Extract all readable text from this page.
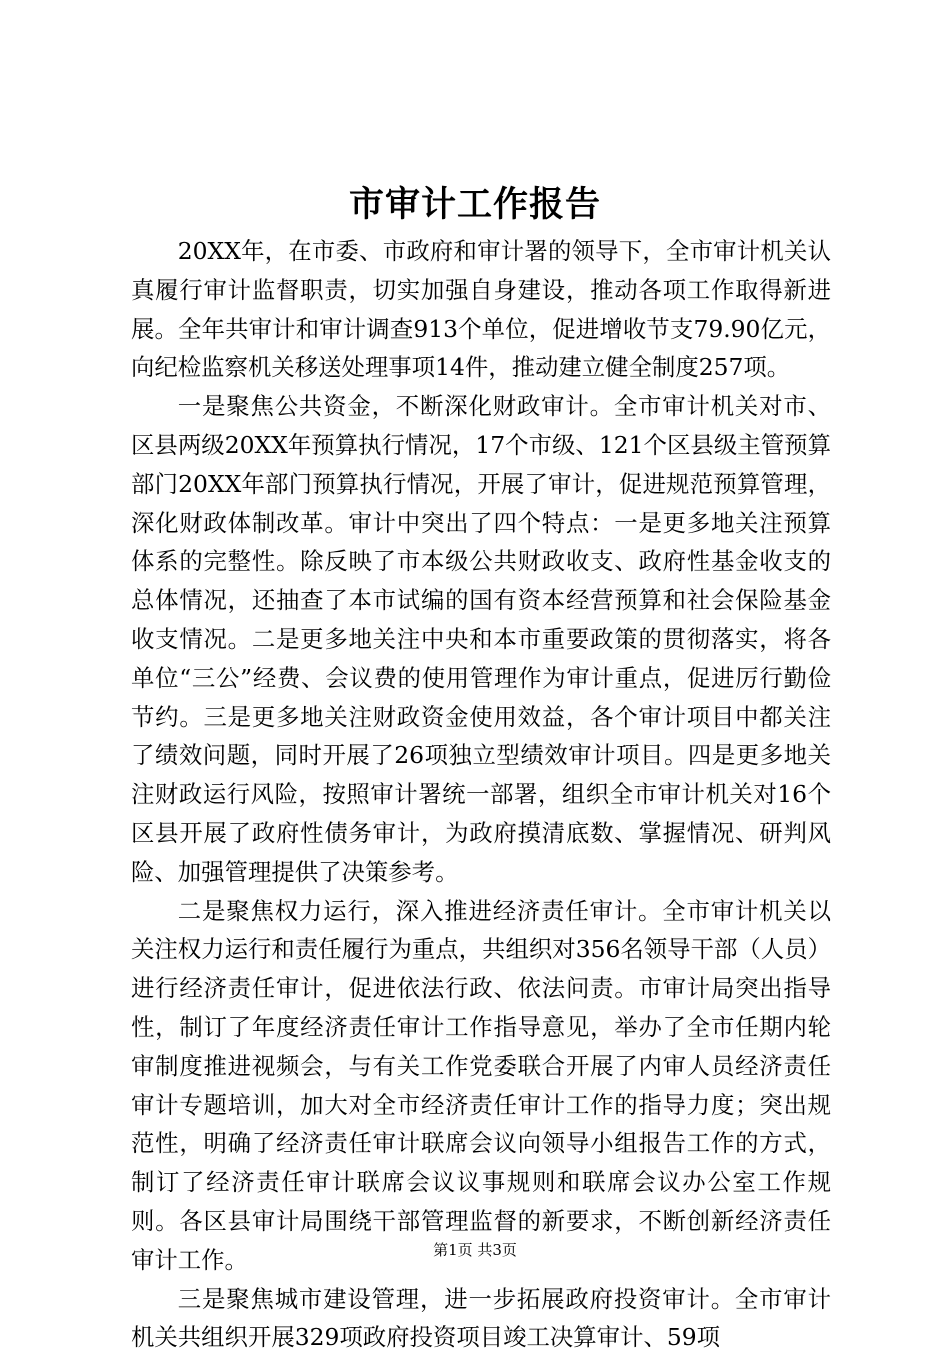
市审计工作报告

20XX年，在市委、市政府和审计署的领导下，全市审计机关认真履行审计监督职责，切实加强自身建设，推动各项工作取得新进展。全年共审计和审计调查913个单位，促进增收节支79.90亿元，向纪检监察机关移送处理事项14件，推动建立健全制度257项。

一是聚焦公共资金，不断深化财政审计。全市审计机关对市、区县两级20XX年预算执行情况，17个市级、121个区县级主管预算部门20XX年部门预算执行情况，开展了审计，促进规范预算管理，深化财政体制改革。审计中突出了四个特点：一是更多地关注预算体系的完整性。除反映了市本级公共财政收支、政府性基金收支的总体情况，还抽查了本市试编的国有资本经营预算和社会保险基金收支情况。二是更多地关注中央和本市重要政策的贯彻落实，将各单位“三公”经费、会议费的使用管理作为审计重点，促进厉行勤俭节约。三是更多地关注财政资金使用效益，各个审计项目中都关注了绩效问题，同时开展了26项独立型绩效审计项目。四是更多地关注财政运行风险，按照审计署统一部署，组织全市审计机关对16个区县开展了政府性债务审计，为政府摸清底数、掌握情况、研判风险、加强管理提供了决策参考。

二是聚焦权力运行，深入推进经济责任审计。全市审计机关以关注权力运行和责任履行为重点，共组织对356名领导干部（人员）进行经济责任审计，促进依法行政、依法问责。市审计局突出指导性，制订了年度经济责任审计工作指导意见，举办了全市任期内轮审制度推进视频会，与有关工作党委联合开展了内审人员经济责任审计专题培训，加大对全市经济责任审计工作的指导力度；突出规范性，明确了经济责任审计联席会议向领导小组报告工作的方式，制订了经济责任审计联席会议议事规则和联席会议办公室工作规则。各区县审计局围绕干部管理监督的新要求，不断创新经济责任审计工作。

三是聚焦城市建设管理，进一步拓展政府投资审计。全市审计机关共组织开展329项政府投资项目竣工决算审计、59项

第1页 共3页
